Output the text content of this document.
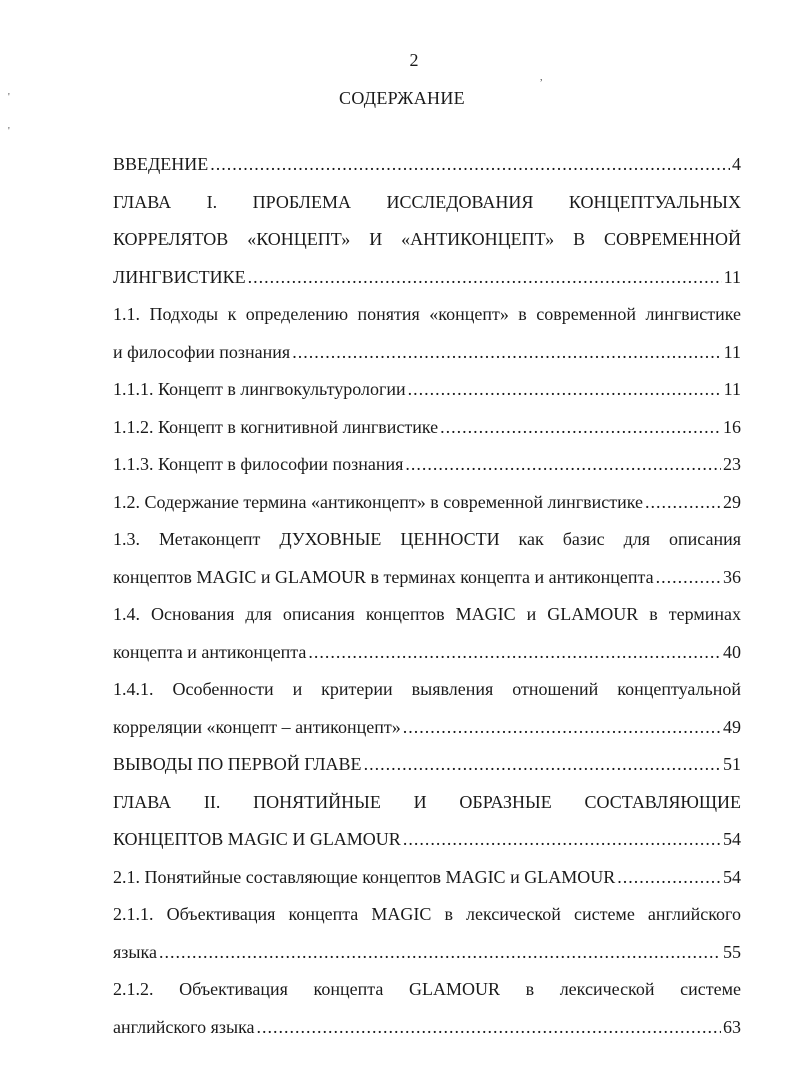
2
СОДЕРЖАНИЕ
ВВЕДЕНИЕ .....	4
ГЛАВА I. ПРОБЛЕМА ИССЛЕДОВАНИЯ КОНЦЕПТУАЛЬНЫХ
КОРРЕЛЯТОВ «КОНЦЕПТ» И «АНТИКОНЦЕПТ» В СОВРЕМЕННОЙ
ЛИНГВИСТИКЕ .....	11
1.1. Подходы к определению понятия «концепт» в современной лингвистике
и философии познания .....	11
1.1.1. Концепт в лингвокультурологии .....	11
1.1.2. Концепт в когнитивной лингвистике .....	16
1.1.3. Концепт в философии познания .....	23
1.2. Содержание термина «антиконцепт» в современной лингвистике .....	29
1.3. Метаконцепт ДУХОВНЫЕ ЦЕННОСТИ как базис для описания
концептов MAGIC и GLAMOUR в терминах концепта и антиконцепта .....	36
1.4. Основания для описания концептов MAGIC и GLAMOUR в терминах
концепта и антиконцепта .....	40
1.4.1. Особенности и критерии выявления отношений концептуальной
корреляции «концепт – антиконцепт» .....	49
ВЫВОДЫ ПО ПЕРВОЙ ГЛАВЕ .....	51
ГЛАВА II. ПОНЯТИЙНЫЕ И ОБРАЗНЫЕ СОСТАВЛЯЮЩИЕ
КОНЦЕПТОВ MAGIC И GLAMOUR .....	54
2.1. Понятийные составляющие концептов MAGIC и GLAMOUR .....	54
2.1.1. Объективация концепта MAGIC в лексической системе английского
языка .....	55
2.1.2. Объективация концепта GLAMOUR в лексической системе
английского языка .....	63
'
'
,
